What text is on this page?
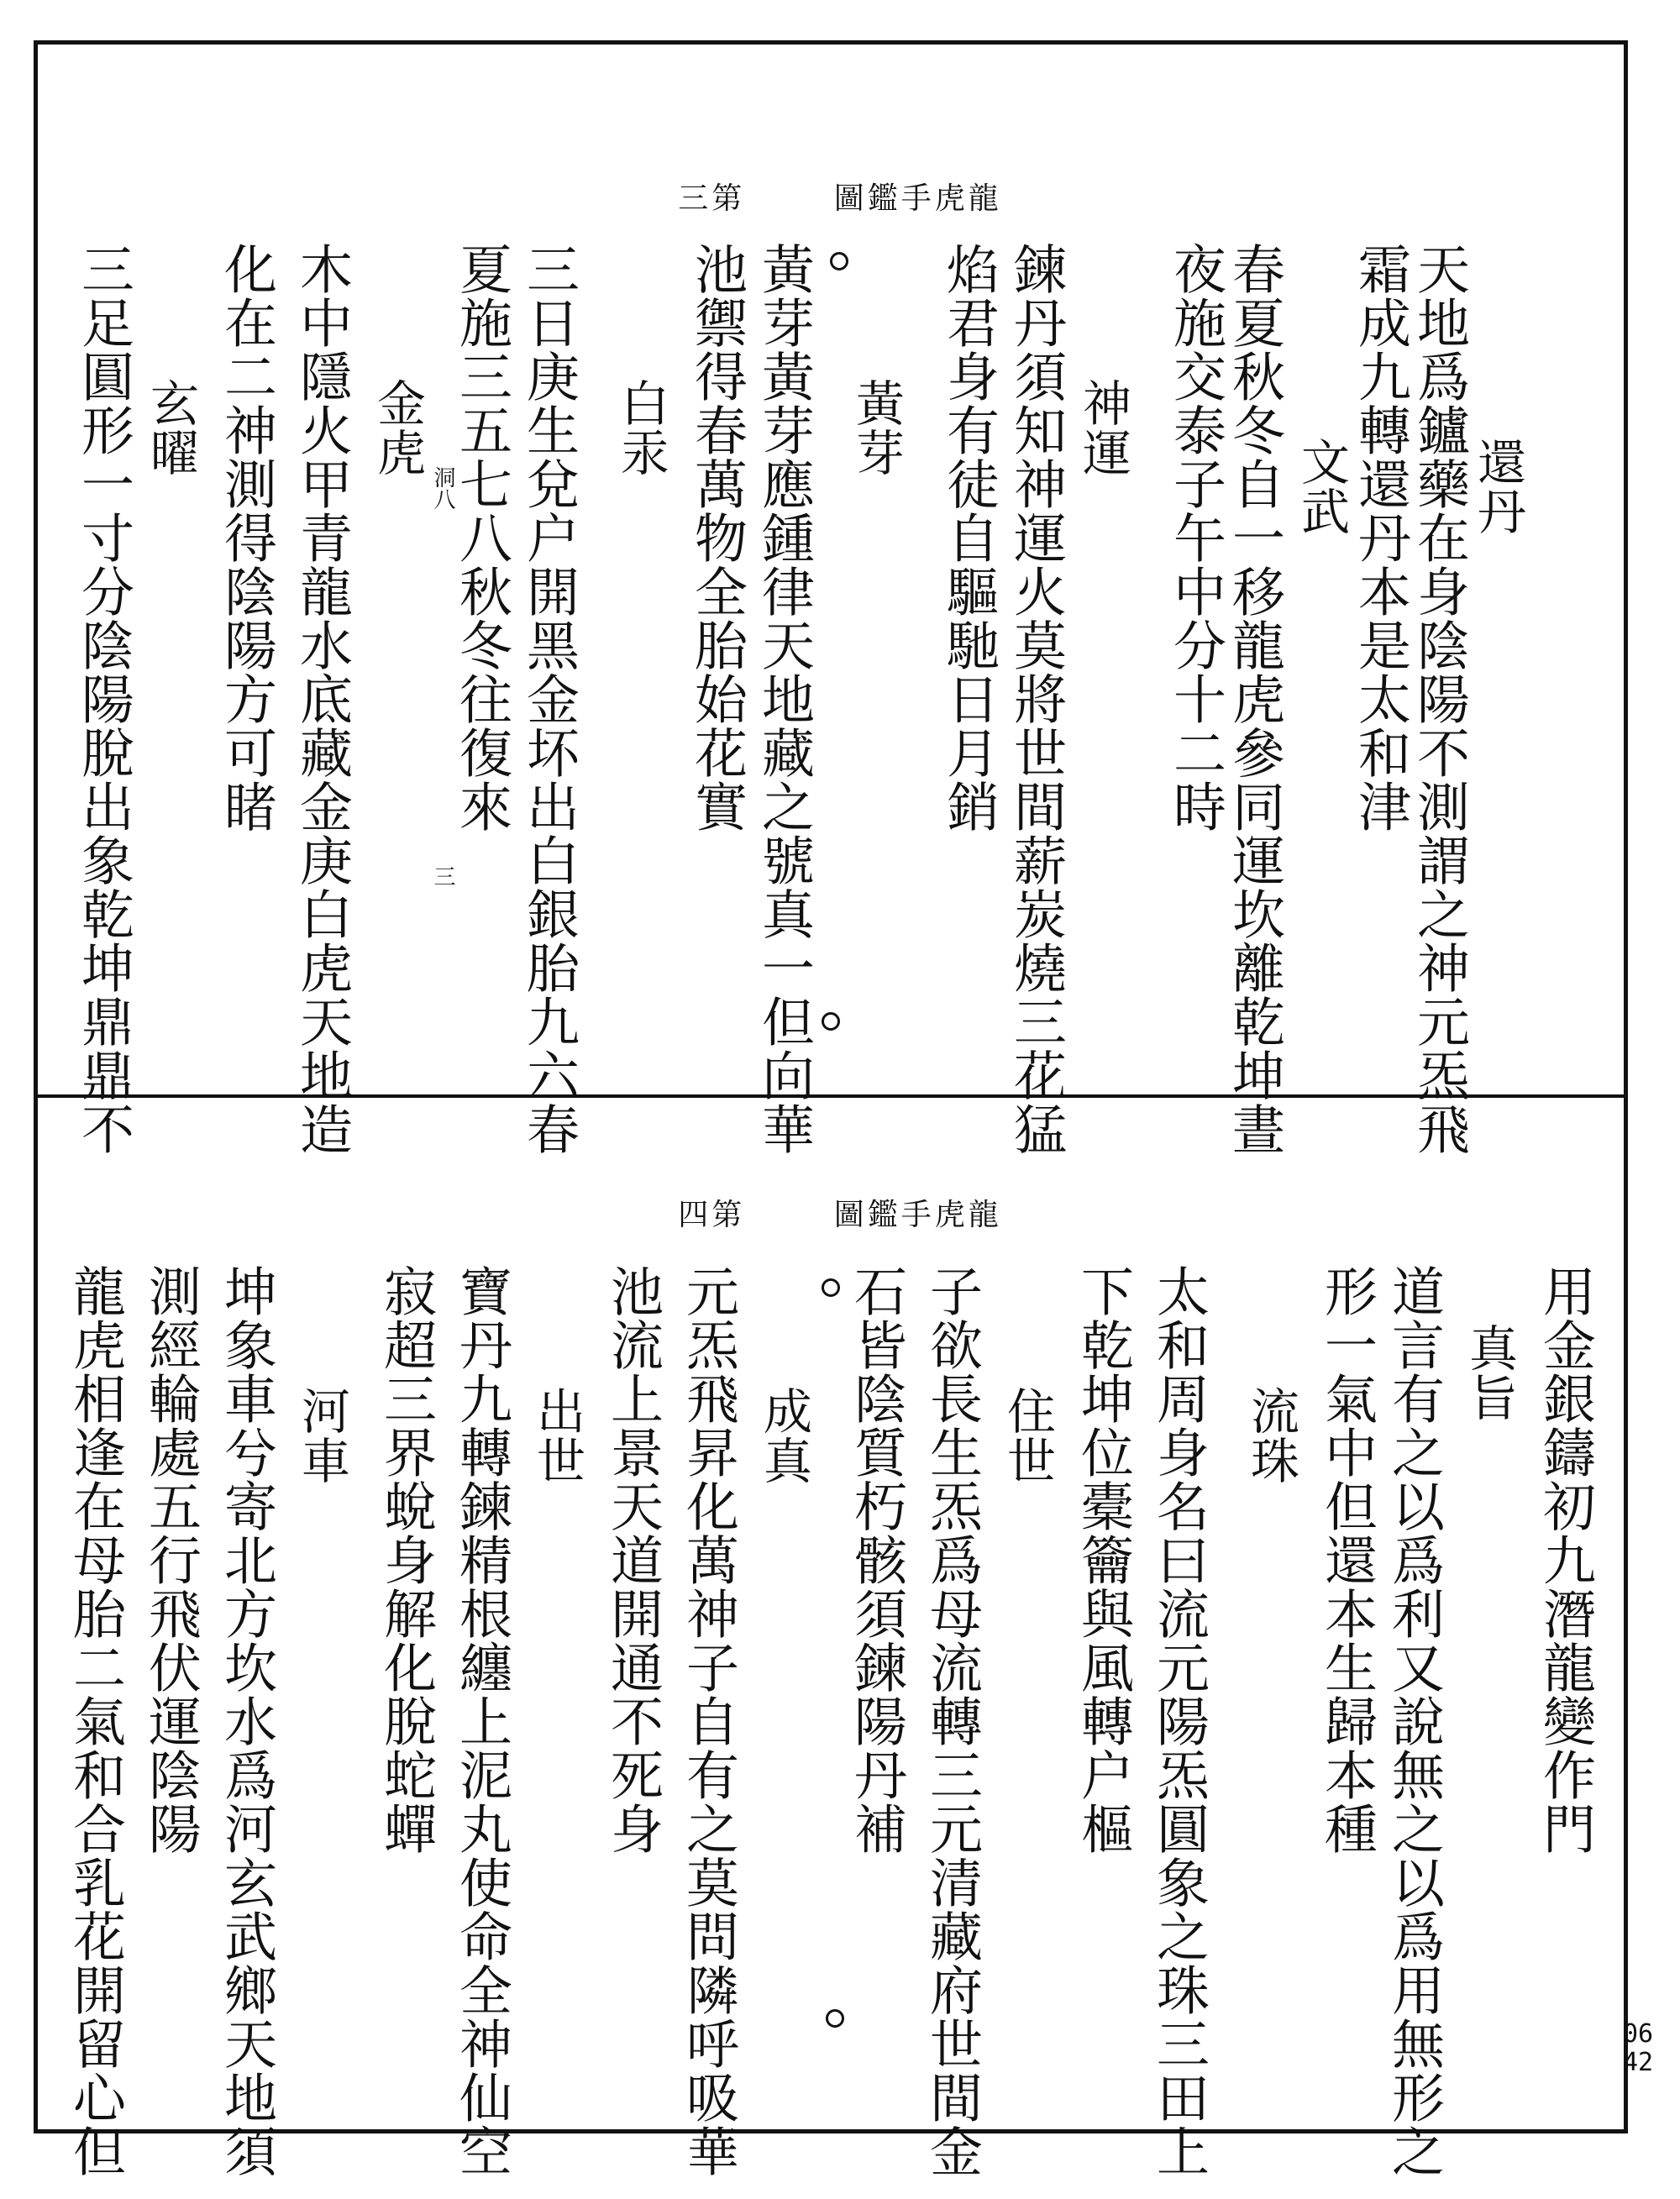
三第	圖鑑手虎龍
還丹
天地爲鑪藥在身陰陽不測謂之神元炁飛
霜成九轉還丹本是太和津
文武
春夏秋冬自一移龍虎參同運坎離乾坤晝
夜施交泰子午中分十二時
神運
鍊丹須知神運火莫將世間薪炭燒三花猛
焰君身有徒自驅馳日月銷
黃芽
黃芽黃芽應鍾律天地藏之號真一但向華
池禦得春萬物全胎始花實
白汞
三日庚生兌户開黑金坏出白銀胎九六春
夏施三五七八秋冬往復來
金虎
木中隱火甲青龍水底藏金庚白虎天地造
化在二神測得陰陽方可睹
玄曜
三足圓形一寸分陰陽脫出象乾坤鼎鼎不	洞八
三
四第	圖鑑手虎龍
用金銀鑄初九潛龍變作門
真旨
道言有之以爲利又說無之以爲用無形之
形一氣中但還本生歸本種
流珠
太和周身名曰流元陽炁圓象之珠三田上
下乾坤位橐籥與風轉户樞
住世
子欲長生炁爲母流轉三元清藏府世間金
石皆陰質朽骸須鍊陽丹補
成真
元炁飛昇化萬神子自有之莫問隣呼吸華
池流上景天道開通不死身
出世
寶丹九轉鍊精根纏上泥丸使命全神仙空
寂超三界蛻身解化脫蛇蟬
河車
坤象車兮寄北方坎水爲河玄武鄉天地須
測經輪處五行飛伏運陰陽
龍虎相逢在母胎二氣和合乳花開留心但	0642
